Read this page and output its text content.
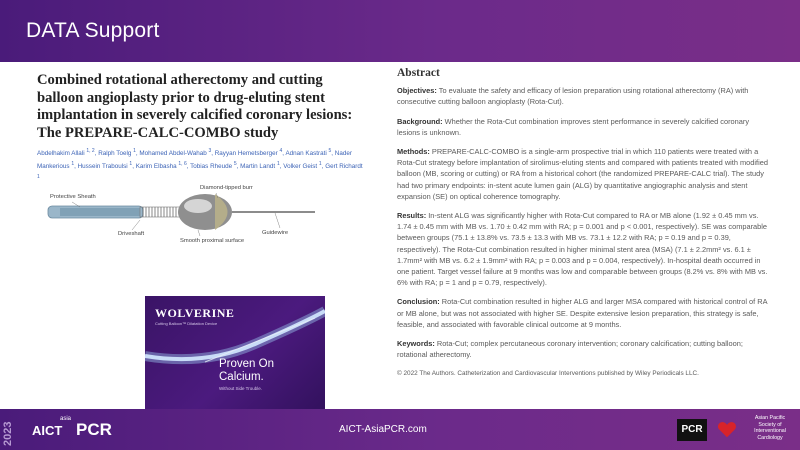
DATA Support
Combined rotational atherectomy and cutting balloon angioplasty prior to drug-eluting stent implantation in severely calcified coronary lesions: The PREPARE-CALC-COMBO study
Abdelhakim Allali $^{1, 2}$, Ralph Toelg $^1$, Mohamed Abdel-Wahab $^3$, Rayyan Hemetsberger $^4$, Adnan Kastrati $^5$, Nader Mankerious $^1$, Hussein Traboulsi $^1$, Karim Elbasha $^{1, 6}$, Tobias Rheude $^5$, Martin Landt $^1$, Volker Geist $^1$, Gert Richardt $^1$
Protective Sheath
Diamond-tipped burr
Driveshaft	Guidewire
Smooth proximal surface
WOLVERINE
Cutting Balloon™ Dilatation Device
Proven On
Calcium.
Without Side Trouble.
Abstract

Objectives: To evaluate the safety and efficacy of lesion preparation using rotational atherectomy (RA) with consecutive cutting balloon angioplasty (Rota-Cut).

Background: Whether the Rota-Cut combination improves stent performance in severely calcified coronary lesions is unknown.

Methods: PREPARE-CALC-COMBO is a single-arm prospective trial in which 110 patients were treated with a Rota-Cut strategy before implantation of sirolimus-eluting stents and compared with patients treated with modified balloon (MB, scoring or cutting) or RA from a historical cohort (the randomized PREPARE-CALC trial). The study had two primary endpoints: in-stent acute lumen gain (ALG) by quantitative angiographic analysis and stent expansion (SE) on optical coherence tomography.

Results: In-stent ALG was significantly higher with Rota-Cut compared to RA or MB alone (1.92 ± 0.45 mm vs. 1.74 ± 0.45 mm with MB vs. 1.70 ± 0.42 mm with RA; p = 0.001 and p < 0.001, respectively). SE was comparable between groups (75.1 ± 13.8% vs. 73.5 ± 13.3 with MB vs. 73.1 ± 12.2 with RA; p = 0.19 and p = 0.39, respectively). The Rota-Cut combination resulted in higher minimal stent area (MSA) (7.1 ± 2.2mm² vs. 6.1 ± 1.7mm² with MB vs. 6.2 ± 1.9mm² with RA; p = 0.003 and p = 0.004, respectively). In-hospital death occurred in one patient. Target vessel failure at 9 months was low and comparable between groups (8.2% vs. 8% with MB vs. 6% with RA; p = 1 and p = 0.79, respectively).

Conclusion: Rota-Cut combination resulted in higher ALG and larger MSA compared with historical control of RA or MB alone, but was not associated with higher SE. Despite extensive lesion preparation, this strategy is safe, feasible, and associated with favorable clinical outcome at 9 months.

Keywords: Rota-Cut; complex percutaneous coronary intervention; coronary calcification; cutting balloon; rotational atherectomy.

© 2022 The Authors. Catheterization and Cardiovascular Interventions published by Wiley Periodicals LLC.

2023 AICT
asia
PCR	AICT-AsiaPCR.com	PCR
Asian Pacific
Society of
Interventional
Cardiology
